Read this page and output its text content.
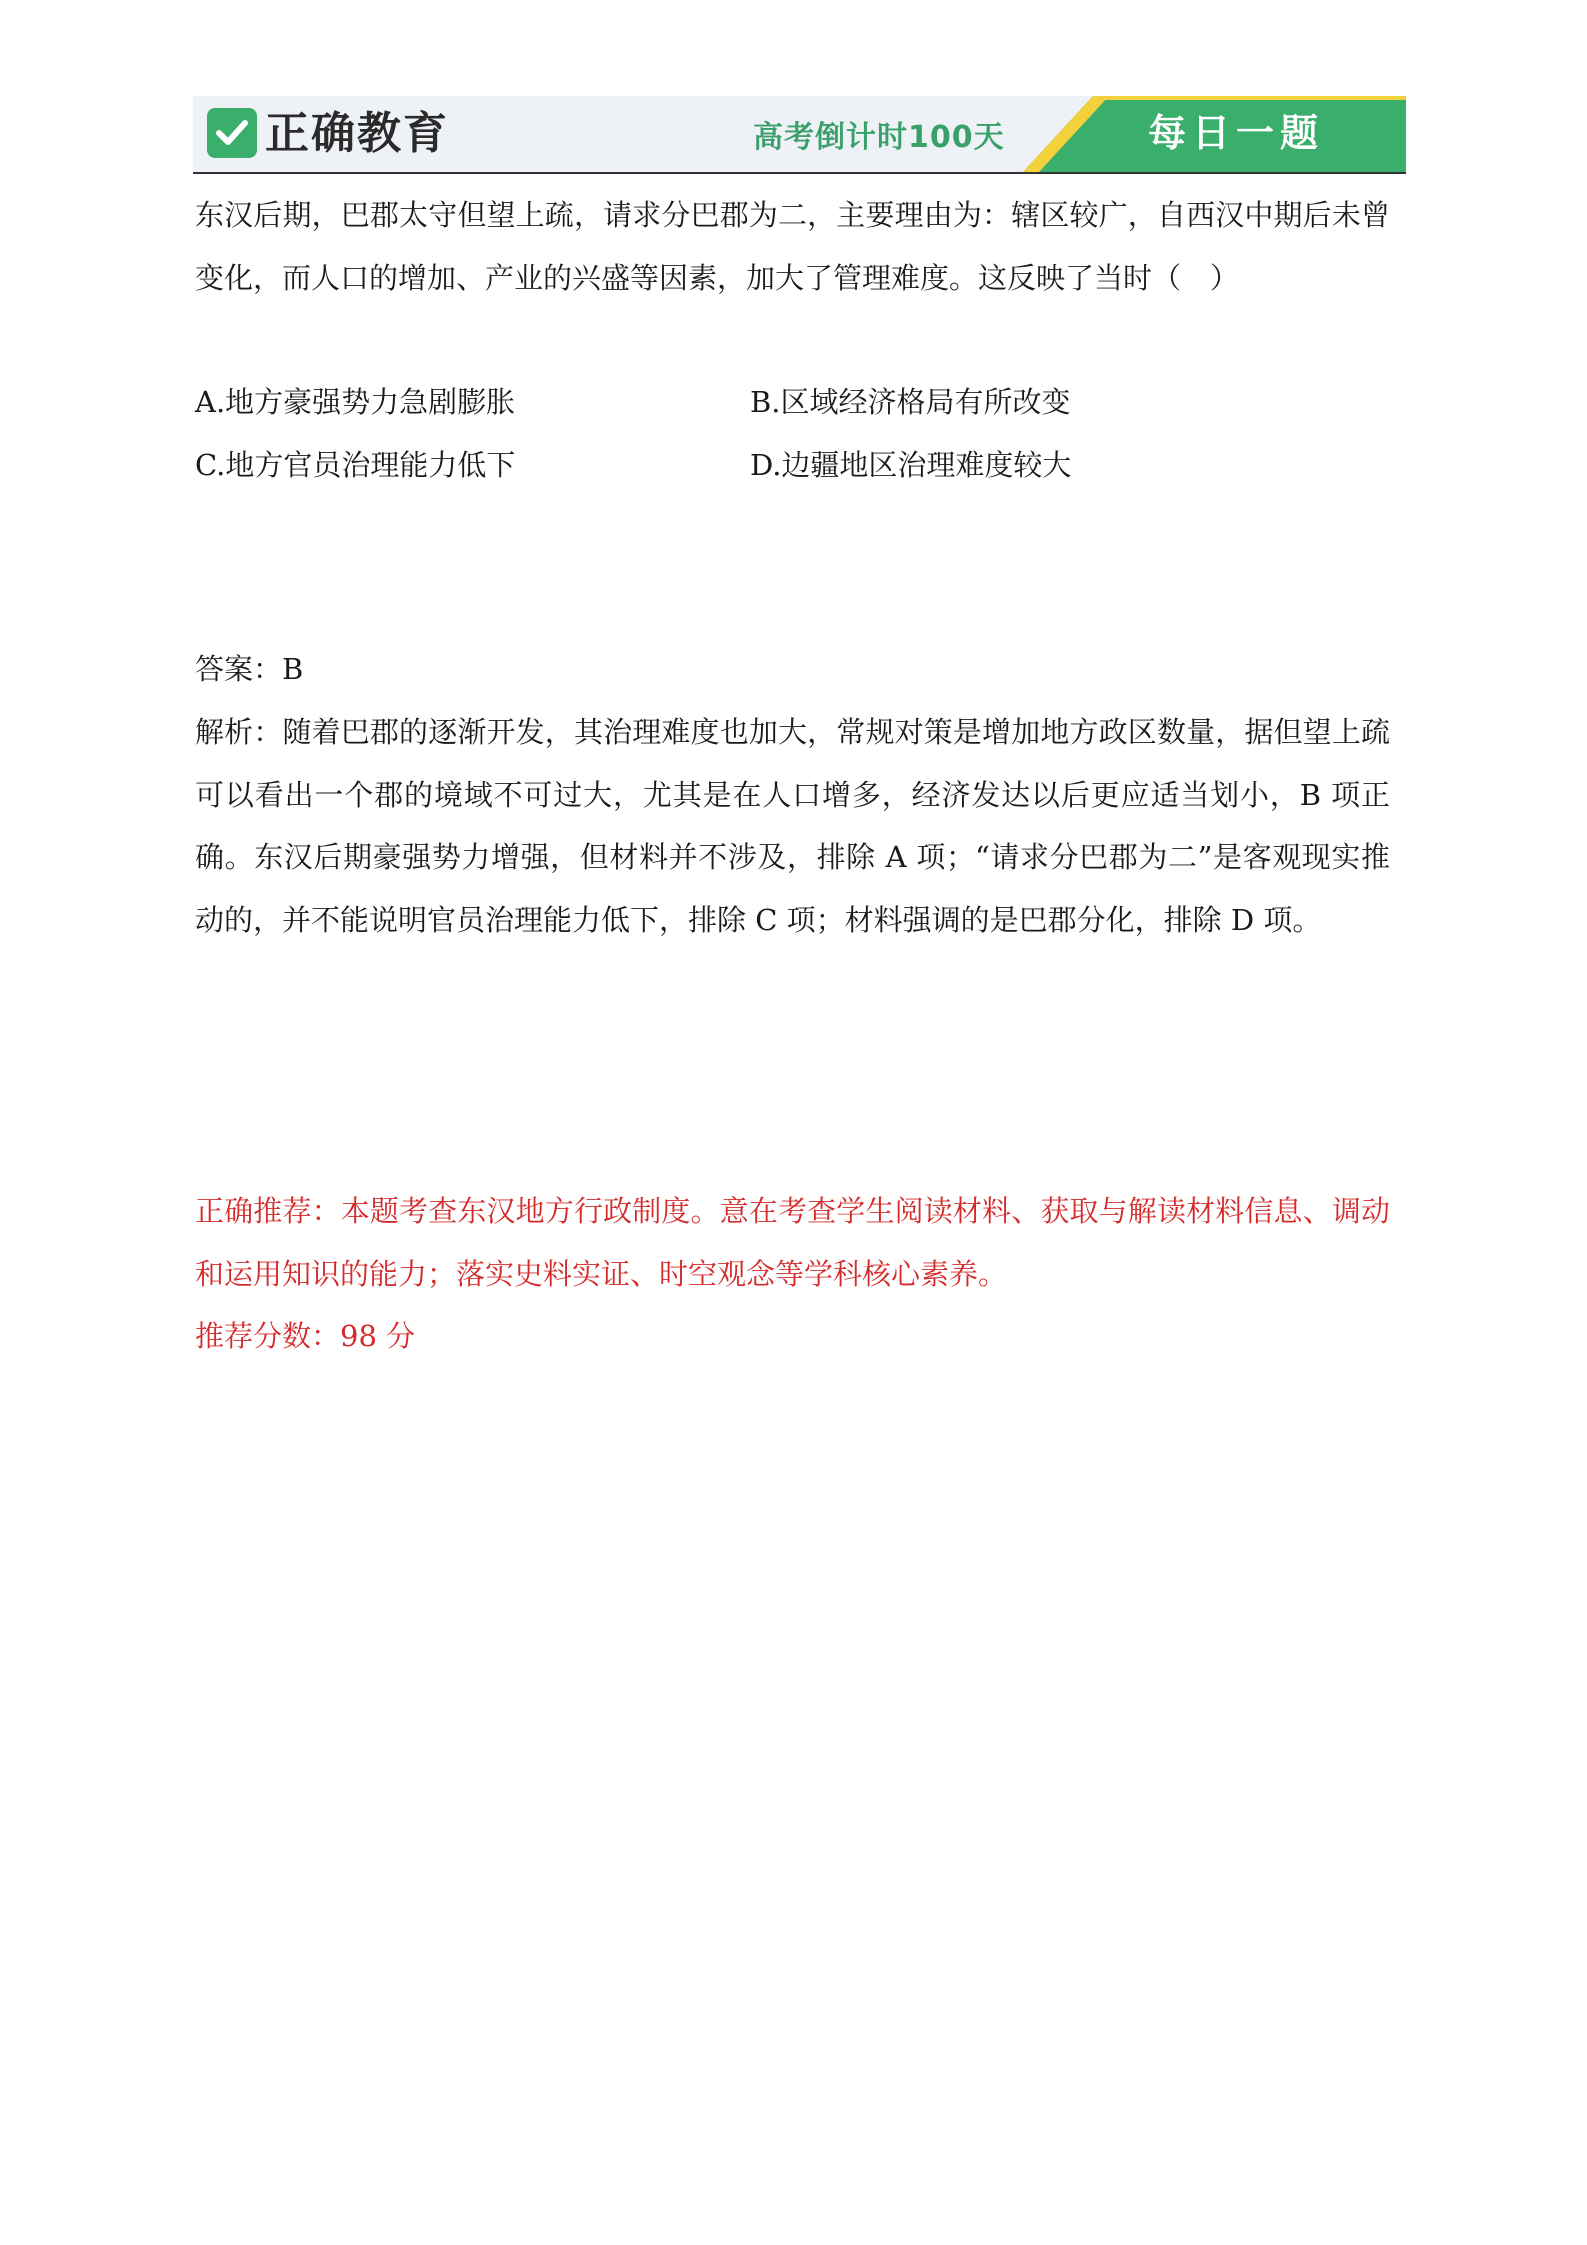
正确教育	高考倒计时100天	每日一题
东汉后期，巴郡太守但望上疏，请求分巴郡为二，主要理由为：辖区较广，自西汉中期后未曾变化，而人口的增加、产业的兴盛等因素，加大了管理难度。这反映了当时（　）
A.地方豪强势力急剧膨胀	B.区域经济格局有所改变
C.地方官员治理能力低下	D.边疆地区治理难度较大
答案：B
解析：随着巴郡的逐渐开发，其治理难度也加大，常规对策是增加地方政区数量，据但望上疏可以看出一个郡的境域不可过大，尤其是在人口增多，经济发达以后更应适当划小，B 项正确。东汉后期豪强势力增强，但材料并不涉及，排除 A 项；“请求分巴郡为二”是客观现实推动的，并不能说明官员治理能力低下，排除 C 项；材料强调的是巴郡分化，排除 D 项。
正确推荐：本题考查东汉地方行政制度。意在考查学生阅读材料、获取与解读材料信息、调动和运用知识的能力；落实史料实证、时空观念等学科核心素养。
推荐分数：98 分
